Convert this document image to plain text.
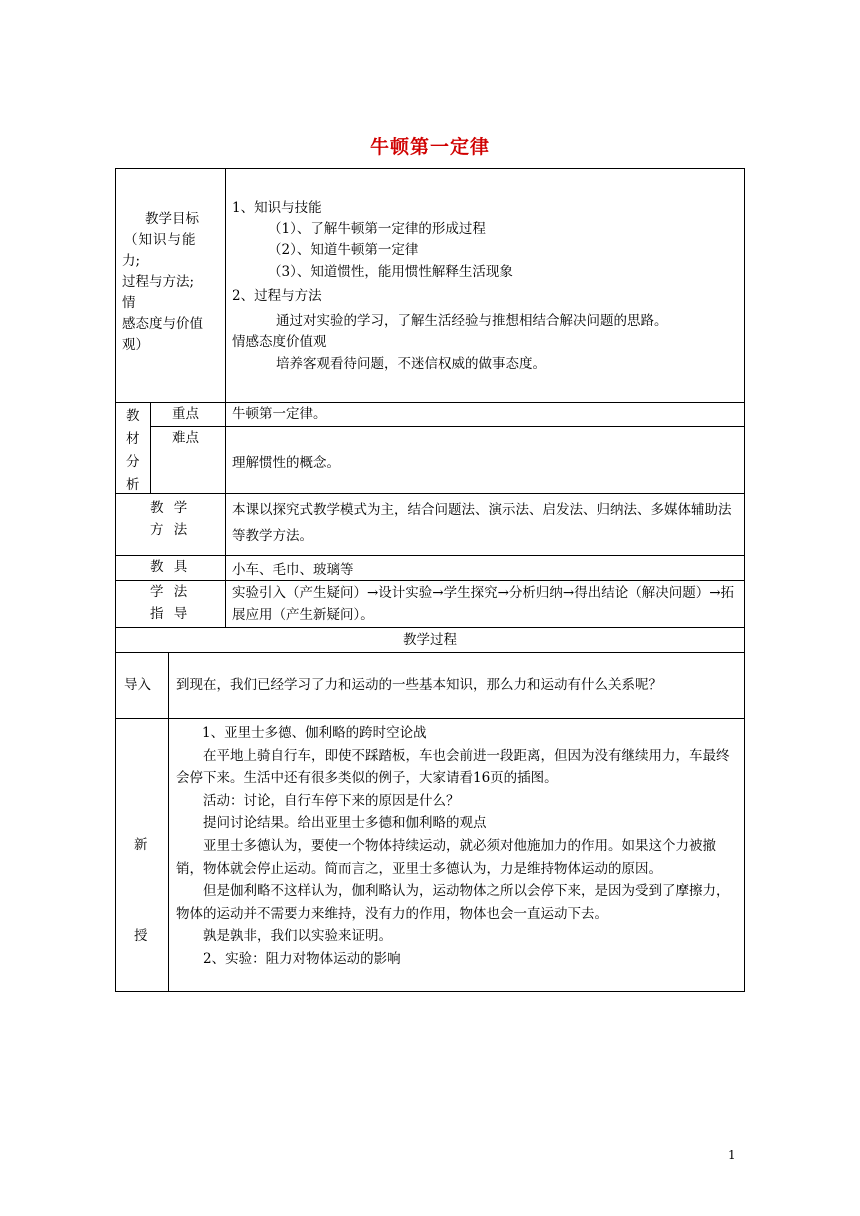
牛顿第一定律
教学目标
（知识与能
力;
过程与方法;
情
感态度与价值
观）
1、知识与技能
（1）、了解牛顿第一定律的形成过程
（2）、知道牛顿第一定律
（3）、知道惯性，能用惯性解释生活现象
2、过程与方法
通过对实验的学习，了解生活经验与推想相结合解决问题的思路。
情感态度价值观
培养客观看待问题，不迷信权威的做事态度。
教
材
分
析
重点 牛顿第一定律。
难点
理解惯性的概念。
教 学
方 法
本课以探究式教学模式为主，结合问题法、演示法、启发法、归纳法、多媒体辅助法等教学方法。
教 具	小车、毛巾、玻璃等
学 法
指 导
实验引入（产生疑问）→设计实验→学生探究→分析归纳→得出结论（解决问题）→拓展应用（产生新疑问）。
教学过程
导入 到现在，我们已经学习了力和运动的一些基本知识，那么力和运动有什么关系呢？
新
授
1、亚里士多德、伽利略的跨时空论战
在平地上骑自行车，即使不踩踏板，车也会前进一段距离，但因为没有继续用力，车最终会停下来。生活中还有很多类似的例子，大家请看16页的插图。
活动：讨论，自行车停下来的原因是什么？
提问讨论结果。给出亚里士多德和伽利略的观点
亚里士多德认为，要使一个物体持续运动，就必须对他施加力的作用。如果这个力被撤销，物体就会停止运动。简而言之，亚里士多德认为，力是维持物体运动的原因。
但是伽利略不这样认为，伽利略认为，运动物体之所以会停下来，是因为受到了摩擦力，物体的运动并不需要力来维持，没有力的作用，物体也会一直运动下去。
孰是孰非，我们以实验来证明。
2、实验：阻力对物体运动的影响
1
